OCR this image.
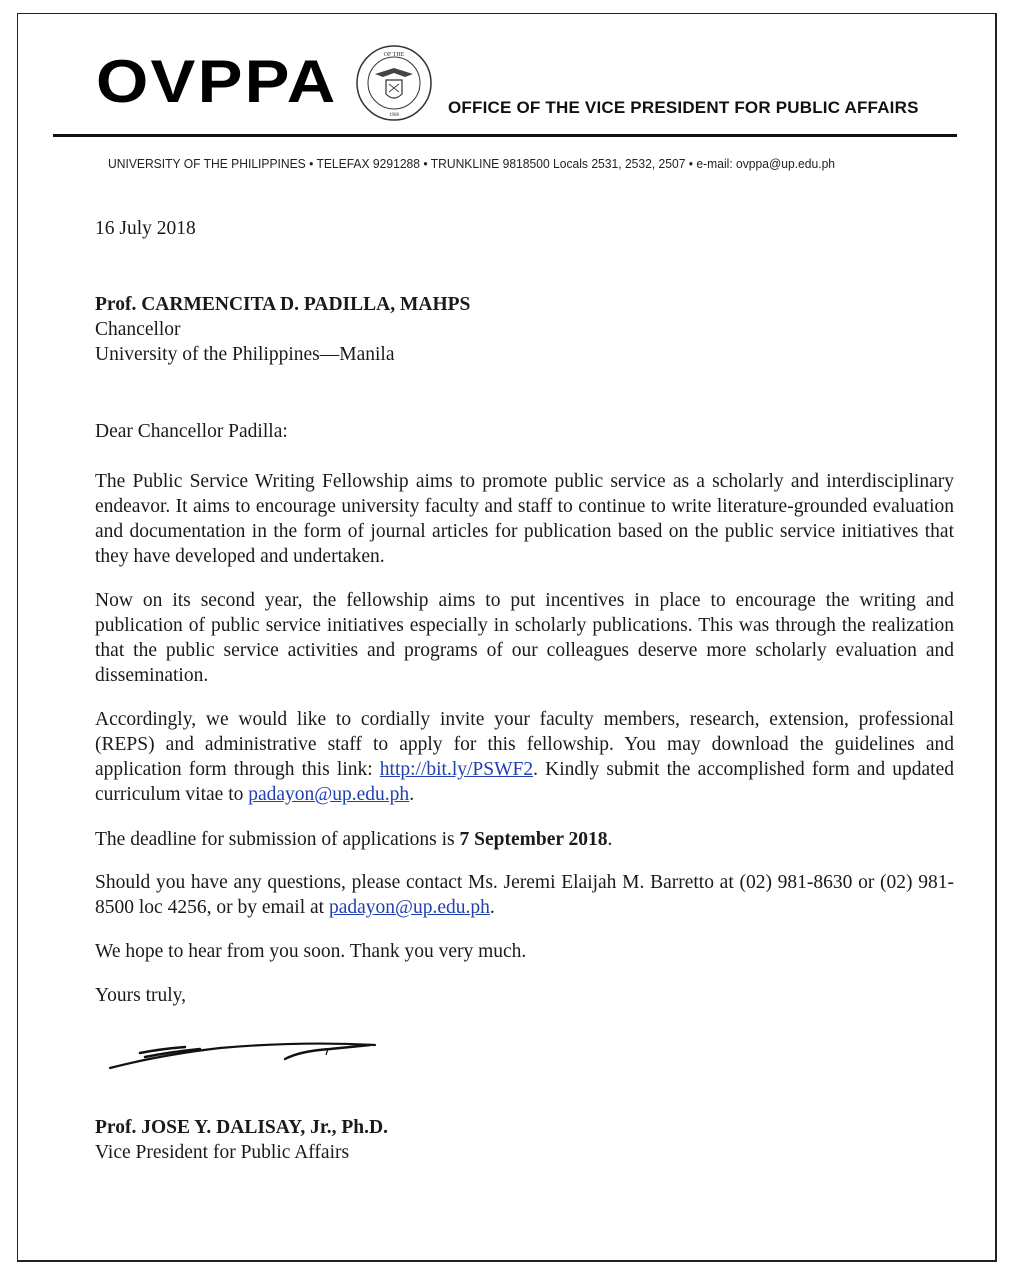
OVPPA	OF THE
1908	OFFICE OF THE VICE PRESIDENT FOR PUBLIC AFFAIRS
UNIVERSITY OF THE PHILIPPINES • TELEFAX 9291288 • TRUNKLINE 9818500 Locals 2531, 2532, 2507 • e-mail: ovppa@up.edu.ph
16 July 2018
Prof. CARMENCITA D. PADILLA, MAHPS
Chancellor
University of the Philippines—Manila
Dear Chancellor Padilla:
The Public Service Writing Fellowship aims to promote public service as a scholarly and interdisciplinary endeavor. It aims to encourage university faculty and staff to continue to write literature-grounded evaluation and documentation in the form of journal articles for publication based on the public service initiatives that they have developed and undertaken.
Now on its second year, the fellowship aims to put incentives in place to encourage the writing and publication of public service initiatives especially in scholarly publications. This was through the realization that the public service activities and programs of our colleagues deserve more scholarly evaluation and dissemination.
Accordingly, we would like to cordially invite your faculty members, research, extension, professional (REPS) and administrative staff to apply for this fellowship. You may download the guidelines and application form through this link: http://bit.ly/PSWF2. Kindly submit the accomplished form and updated curriculum vitae to padayon@up.edu.ph.
The deadline for submission of applications is 7 September 2018.
Should you have any questions, please contact Ms. Jeremi Elaijah M. Barretto at (02) 981-8630 or (02) 981-8500 loc 4256, or by email at padayon@up.edu.ph.
We hope to hear from you soon. Thank you very much.
Yours truly,
Prof. JOSE Y. DALISAY, Jr., Ph.D.
Vice President for Public Affairs
